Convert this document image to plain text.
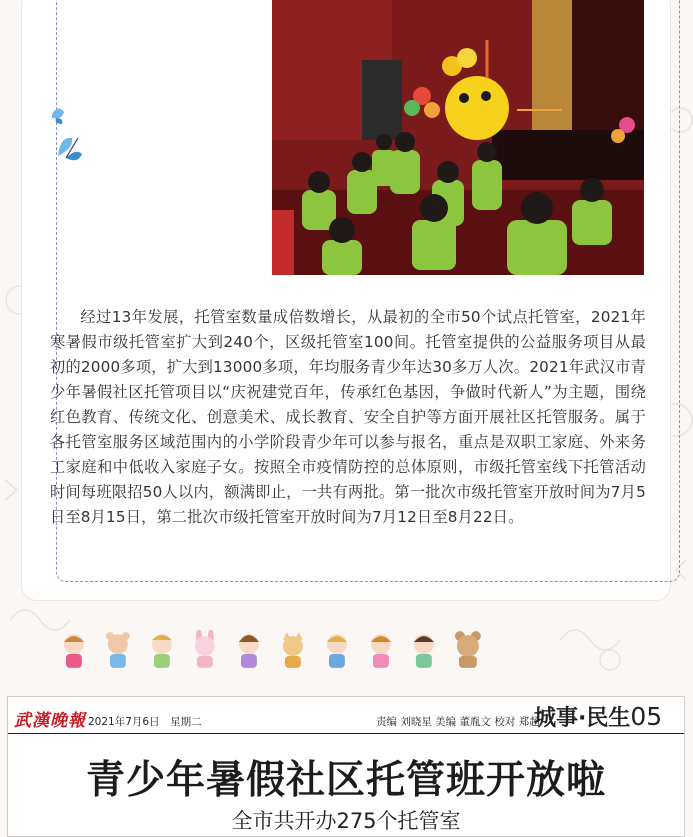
经过13年发展，托管室数量成倍数增长，从最初的全市50个试点托管室，2021年寒暑假市级托管室扩大到240个，区级托管室100间。托管室提供的公益服务项目从最初的2000多项，扩大到13000多项，年均服务青少年达30多万人次。2021年武汉市青少年暑假社区托管项目以“庆祝建党百年，传承红色基因，争做时代新人”为主题，围绕红色教育、传统文化、创意美术、成长教育、安全自护等方面开展社区托管服务。属于各托管室服务区域范围内的小学阶段青少年可以参与报名，重点是双职工家庭、外来务工家庭和中低收入家庭子女。按照全市疫情防控的总体原则，市级托管室线下托管活动时间每班限招50人以内，额满即止，一共有两批。第一批次市级托管室开放时间为7月5日至8月15日，第二批次市级托管室开放时间为7月12日至8月22日。

武漢晚報 2021年7月6日　星期二	责编 刘晓星 美编 董胤文 校对 郑超
城事·民生05
青少年暑假社区托管班开放啦
全市共开办275个托管室
